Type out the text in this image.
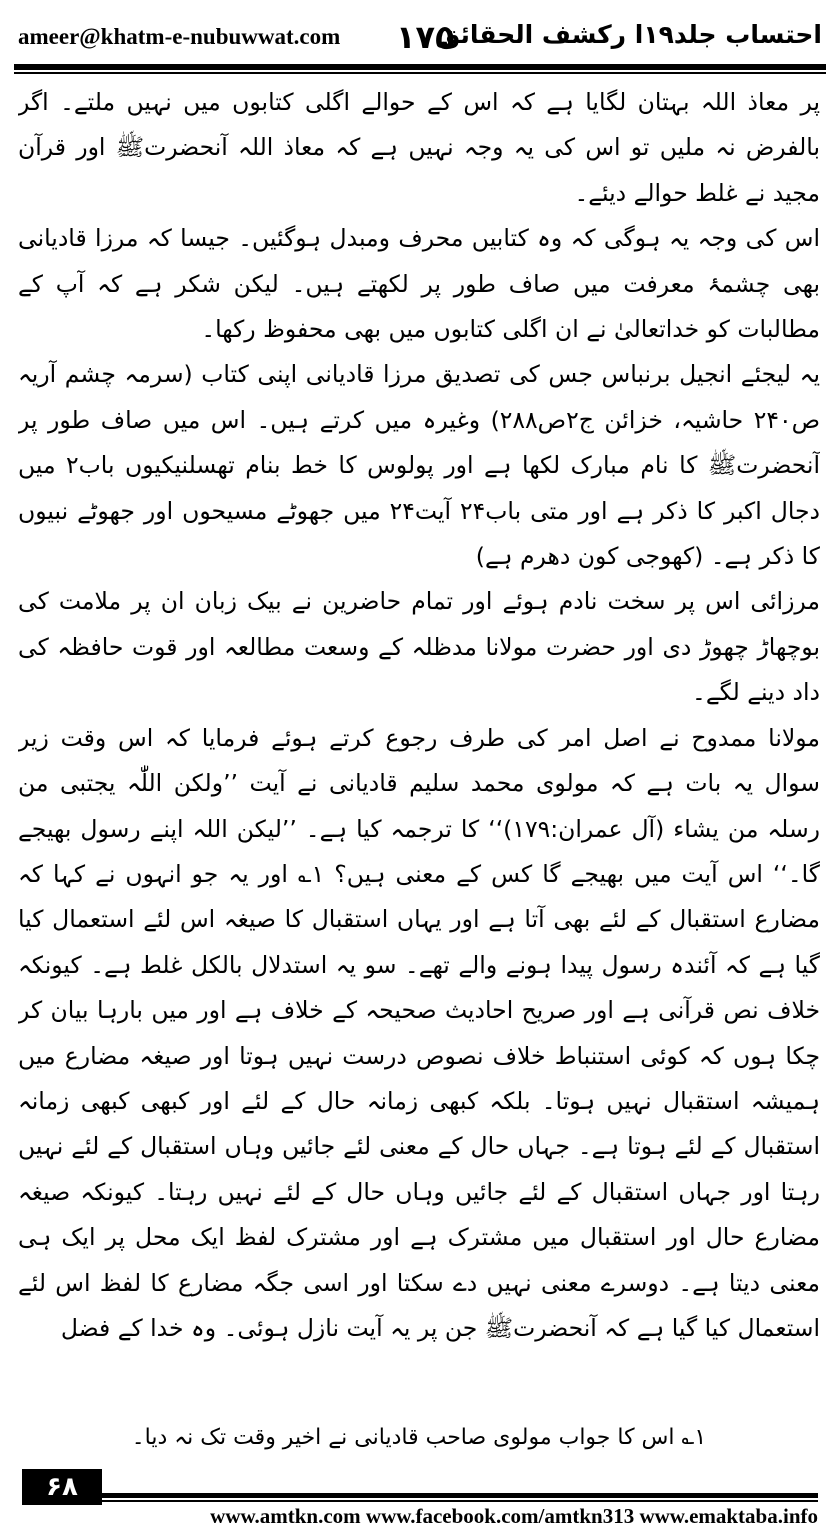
ameer@khatm-e-nubuwwat.com ۱۷۵
احتساب جلد۱۹ا رکشف الحقائق

پر معاذ اللہ بہتان لگایا ہے کہ اس کے حوالے اگلی کتابوں میں نہیں ملتے۔ اگر بالفرض نہ ملیں تو اس کی یہ وجہ نہیں ہے کہ معاذ اللہ آنحضرتﷺ اور قرآن مجید نے غلط حوالے دیئے۔

اس کی وجہ یہ ہوگی کہ وہ کتابیں محرف ومبدل ہوگئیں۔ جیسا کہ مرزا قادیانی بھی چشمۂ معرفت میں صاف طور پر لکھتے ہیں۔ لیکن شکر ہے کہ آپ کے مطالبات کو خداتعالیٰ نے ان اگلی کتابوں میں بھی محفوظ رکھا۔

یہ لیجئے انجیل برنباس جس کی تصدیق مرزا قادیانی اپنی کتاب (سرمہ چشم آریہ ص۲۴۰ حاشیہ، خزائن ج۲ص۲۸۸) وغیرہ میں کرتے ہیں۔ اس میں صاف طور پر آنحضرتﷺ کا نام مبارک لکھا ہے اور پولوس کا خط بنام تھسلنیکیوں باب۲ میں دجال اکبر کا ذکر ہے اور متی باب۲۴ آیت۲۴ میں جھوٹے مسیحوں اور جھوٹے نبیوں کا ذکر ہے۔ (کھوجی کون دھرم ہے)

مرزائی اس پر سخت نادم ہوئے اور تمام حاضرین نے بیک زبان ان پر ملامت کی بوچھاڑ چھوڑ دی اور حضرت مولانا مدظلہ کے وسعت مطالعہ اور قوت حافظہ کی داد دینے لگے۔

مولانا ممدوح نے اصل امر کی طرف رجوع کرتے ہوئے فرمایا کہ اس وقت زیر سوال یہ بات ہے کہ مولوی محمد سلیم قادیانی نے آیت ’’ولکن اللّٰہ یجتبی من رسلہ من یشاء (آل عمران:۱۷۹)‘‘ کا ترجمہ کیا ہے۔ ’’لیکن اللہ اپنے رسول بھیجے گا۔‘‘ اس آیت میں بھیجے گا کس کے معنی ہیں؟ ۱؎ اور یہ جو انہوں نے کہا کہ مضارع استقبال کے لئے بھی آتا ہے اور یہاں استقبال کا صیغہ اس لئے استعمال کیا گیا ہے کہ آئندہ رسول پیدا ہونے والے تھے۔ سو یہ استدلال بالکل غلط ہے۔ کیونکہ خلاف نص قرآنی ہے اور صریح احادیث صحیحہ کے خلاف ہے اور میں بارہا بیان کر چکا ہوں کہ کوئی استنباط خلاف نصوص درست نہیں ہوتا اور صیغہ مضارع میں ہمیشہ استقبال نہیں ہوتا۔ بلکہ کبھی زمانہ حال کے لئے اور کبھی کبھی زمانہ استقبال کے لئے ہوتا ہے۔ جہاں حال کے معنی لئے جائیں وہاں استقبال کے لئے نہیں رہتا اور جہاں استقبال کے لئے جائیں وہاں حال کے لئے نہیں رہتا۔ کیونکہ صیغہ مضارع حال اور استقبال میں مشترک ہے اور مشترک لفظ ایک محل پر ایک ہی معنی دیتا ہے۔ دوسرے معنی نہیں دے سکتا اور اسی جگہ مضارع کا لفظ اس لئے استعمال کیا گیا ہے کہ آنحضرتﷺ جن پر یہ آیت نازل ہوئی۔ وہ خدا کے فضل

۱؎ اس کا جواب مولوی صاحب قادیانی نے اخیر وقت تک نہ دیا۔
۶۸
www.amtkn.com www.facebook.com/amtkn313 www.emaktaba.info
